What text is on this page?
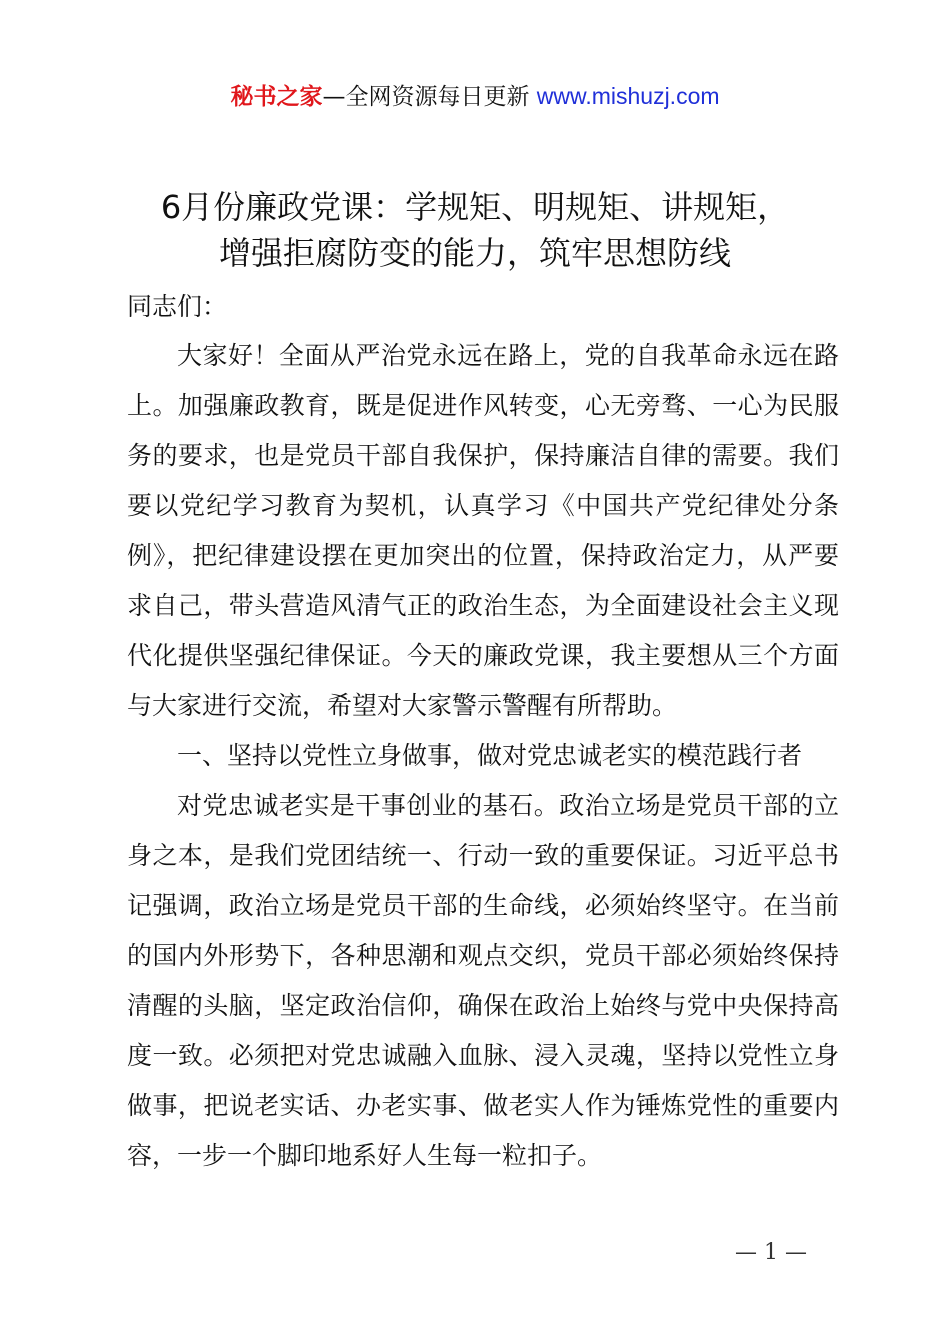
秘书之家—全网资源每日更新 www.mishuzj.com
6月份廉政党课：学规矩、明规矩、讲规矩，
增强拒腐防变的能力，筑牢思想防线

同志们：

大家好！全面从严治党永远在路上，党的自我革命永远在路上。加强廉政教育，既是促进作风转变，心无旁骛、一心为民服务的要求，也是党员干部自我保护，保持廉洁自律的需要。我们要以党纪学习教育为契机，认真学习《中国共产党纪律处分条例》，把纪律建设摆在更加突出的位置，保持政治定力，从严要求自己，带头营造风清气正的政治生态，为全面建设社会主义现代化提供坚强纪律保证。今天的廉政党课，我主要想从三个方面与大家进行交流，希望对大家警示警醒有所帮助。

一、坚持以党性立身做事，做对党忠诚老实的模范践行者

对党忠诚老实是干事创业的基石。政治立场是党员干部的立身之本，是我们党团结统一、行动一致的重要保证。习近平总书记强调，政治立场是党员干部的生命线，必须始终坚守。在当前的国内外形势下，各种思潮和观点交织，党员干部必须始终保持清醒的头脑，坚定政治信仰，确保在政治上始终与党中央保持高度一致。必须把对党忠诚融入血脉、浸入灵魂，坚持以党性立身做事，把说老实话、办老实事、做老实人作为锤炼党性的重要内容，一步一个脚印地系好人生每一粒扣子。

— 1 —
